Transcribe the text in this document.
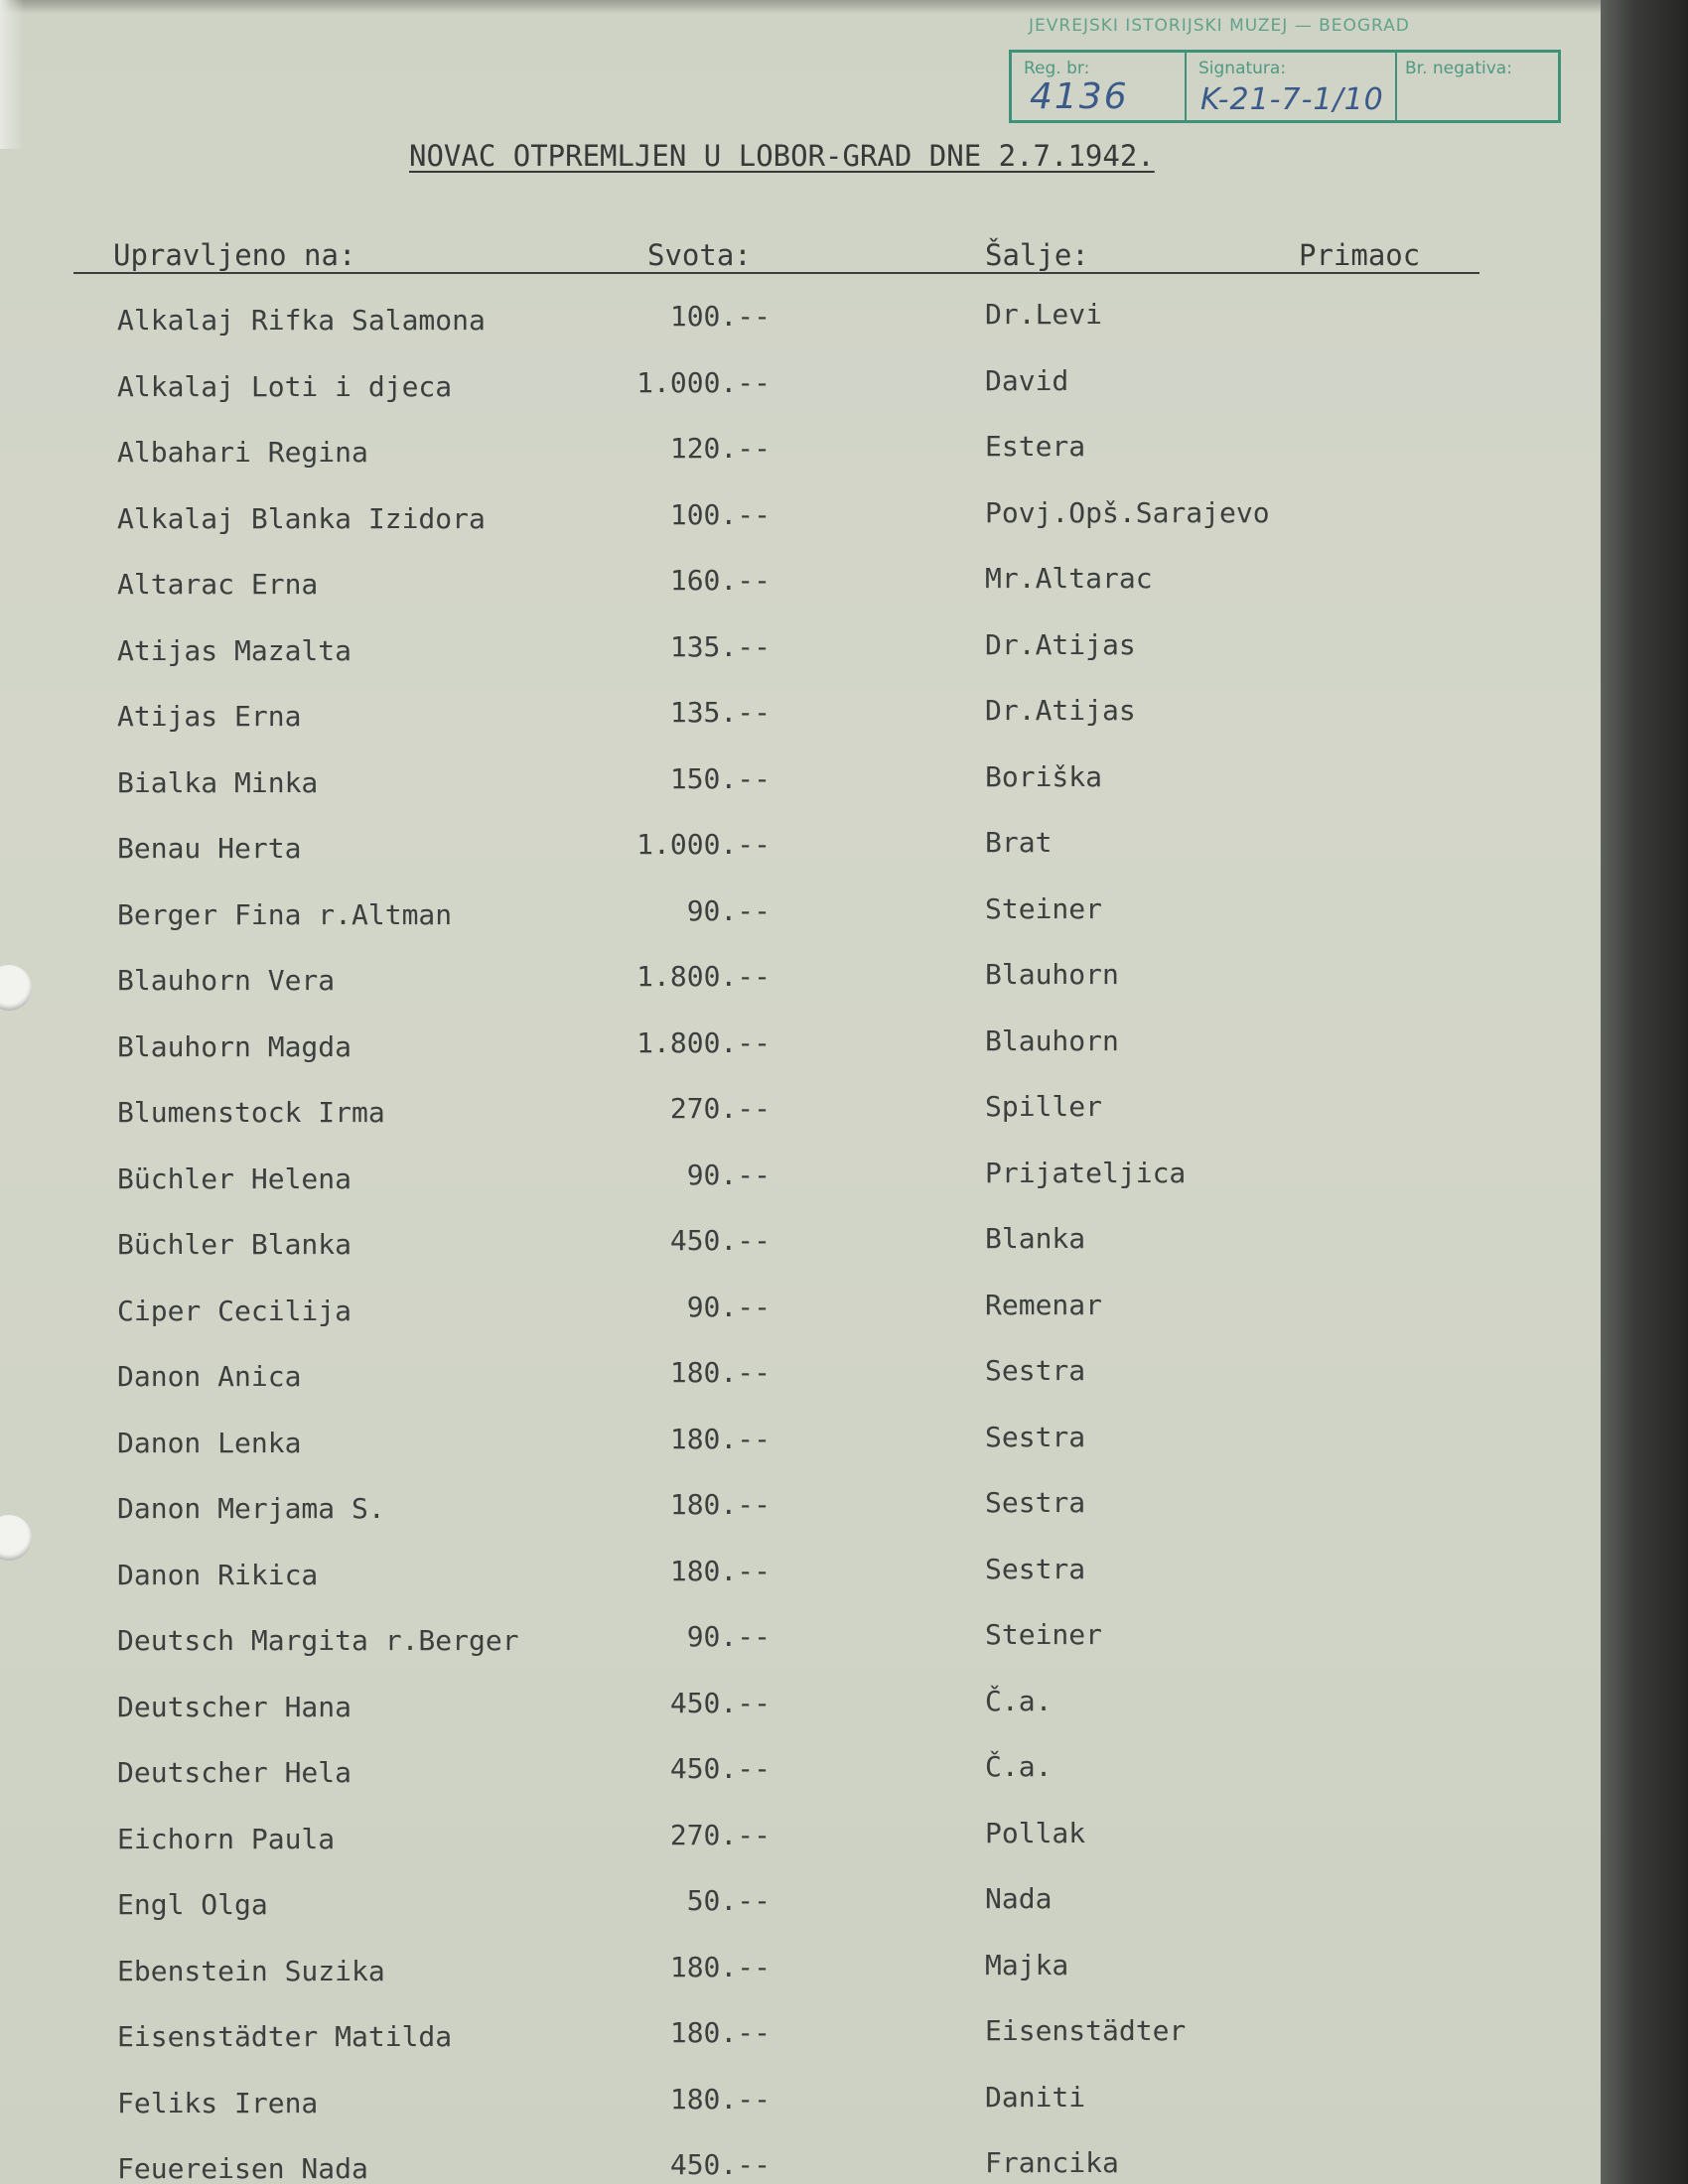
JEVREJSKI ISTORIJSKI MUZEJ — BEOGRAD
Reg. br:
4136
Signatura:
K-21-7-1/10
Br. negativa:
NOVAC OTPREMLJEN U LOBOR-GRAD DNE 2.7.1942.
Upravljeno na:	Svota:	Šalje:	Primaoc
Alkalaj Rifka Salamona	100.--	Dr.Levi
Alkalaj Loti i djeca	1.000.--	David
Albahari Regina	120.--	Estera
Alkalaj Blanka Izidora	100.--	Povj.Opš.Sarajevo
Altarac Erna	160.--	Mr.Altarac
Atijas Mazalta	135.--	Dr.Atijas
Atijas Erna	135.--	Dr.Atijas
Bialka Minka	150.--	Boriška
Benau Herta	1.000.--	Brat
Berger Fina r.Altman	90.--	Steiner
Blauhorn Vera	1.800.--	Blauhorn
Blauhorn Magda	1.800.--	Blauhorn
Blumenstock Irma	270.--	Spiller
Büchler Helena	90.--	Prijateljica
Büchler Blanka	450.--	Blanka
Ciper Cecilija	90.--	Remenar
Danon Anica	180.--	Sestra
Danon Lenka	180.--	Sestra
Danon Merjama S.	180.--	Sestra
Danon Rikica	180.--	Sestra
Deutsch Margita r.Berger	90.--	Steiner
Deutscher Hana	450.--	Č.a.
Deutscher Hela	450.--	Č.a.
Eichorn Paula	270.--	Pollak
Engl Olga	50.--	Nada
Ebenstein Suzika	180.--	Majka
Eisenstädter Matilda	180.--	Eisenstädter
Feliks Irena	180.--	Daniti
Feuereisen Nada	450.--	Francika
